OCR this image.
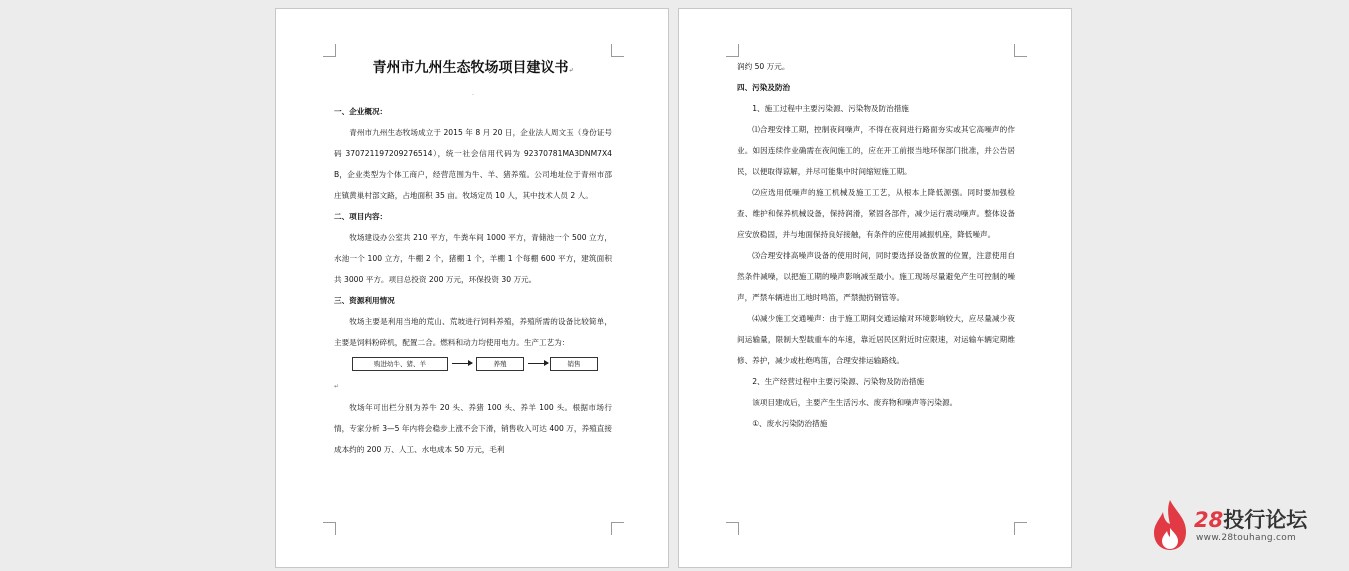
青州市九州生态牧场项目建议书↵
.
一、企业概况：
青州市九州生态牧场成立于 2015 年 8 月 20 日，企业法人周文玉（身份证号码 370721197209276514），统一社会信用代码为 92370781MA3DNM7X4B，企业类型为个体工商户，经营范围为牛、羊、猪养殖。公司地址位于青州市邵庄镇黄巢村部文路，占地面积 35 亩。牧场定员 10 人，其中技术人员 2 人。
二、项目内容：
牧场建设办公室共 210 平方，牛粪车间 1000 平方，青储池一个 500 立方，水池一个 100 立方，牛棚 2 个，猪棚 1 个，羊棚 1 个每棚 600 平方，建筑面积共 3000 平方。项目总投资 200 万元，环保投资 30 万元。
三、资源利用情况
牧场主要是利用当地的荒山、荒坡进行饲料养殖，养殖所需的设备比较简单，主要是饲料粉碎机，配置二合。燃料和动力均使用电力。生产工艺为：
购进幼牛、猪、羊	养殖	销售
↵
牧场年可出栏分别为养牛 20 头、养猪 100 头、养羊 100 头。根据市场行情，专家分析 3—5 年内将会稳步上涨不会下滑，销售收入可达 400 万，养殖直接成本约的 200 万、人工、水电成本 50 万元，毛利
润约 50 万元。
四、污染及防治
1、施工过程中主要污染源、污染物及防治措施
⑴合理安排工期，控制夜间噪声，不得在夜间进行路面夯实或其它高噪声的作业。如因连续作业确需在夜间施工的，应在开工前报当地环保部门批准，并公告居民，以便取得谅解，并尽可能集中时间缩短施工期。
⑵应选用低噪声的施工机械及施工工艺，从根本上降低源强。同时要加强检查、维护和保养机械设备，保持润滑，紧固各部件，减少运行震动噪声。整体设备应安放稳固，并与地面保持良好接触，有条件的应使用减振机座，降低噪声。
⑶合理安排高噪声设备的使用时间，同时要选择设备放置的位置，注意使用自然条件减噪，以把施工期的噪声影响减至最小。施工现场尽量避免产生可控制的噪声，严禁车辆进出工地时鸣笛，严禁抛扔钢管等。
⑷减少施工交通噪声：由于施工期间交通运输对环境影响较大，应尽量减少夜间运输量，限制大型载重车的车速，靠近居民区附近时应限速，对运输车辆定期维修、养护，减少或杜绝鸣笛，合理安排运输路线。
2、生产经营过程中主要污染源、污染物及防治措施
该项目建成后，主要产生生活污水、废弃物和噪声等污染源。
①、废水污染防治措施
28投行论坛
www.28touhang.com
